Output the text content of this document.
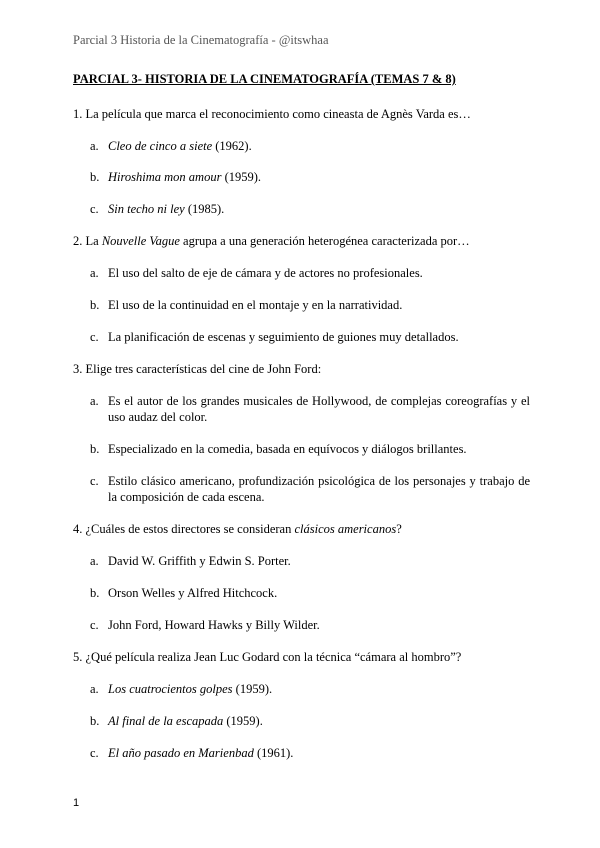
Parcial 3 Historia de la Cinematografía - @itswhaa
PARCIAL 3- HISTORIA DE LA CINEMATOGRAFÍA (TEMAS 7 & 8)
1. La película que marca el reconocimiento como cineasta de Agnès Varda es…
a. Cleo de cinco a siete (1962).
b. Hiroshima mon amour (1959).
c. Sin techo ni ley (1985).
2. La Nouvelle Vague agrupa a una generación heterogénea caracterizada por…
a. El uso del salto de eje de cámara y de actores no profesionales.
b. El uso de la continuidad en el montaje y en la narratividad.
c. La planificación de escenas y seguimiento de guiones muy detallados.
3. Elige tres características del cine de John Ford:
a. Es el autor de los grandes musicales de Hollywood, de complejas coreografías y el uso audaz del color.
b. Especializado en la comedia, basada en equívocos y diálogos brillantes.
c. Estilo clásico americano, profundización psicológica de los personajes y trabajo de la composición de cada escena.
4. ¿Cuáles de estos directores se consideran clásicos americanos?
a. David W. Griffith y Edwin S. Porter.
b. Orson Welles y Alfred Hitchcock.
c. John Ford, Howard Hawks y Billy Wilder.
5. ¿Qué película realiza Jean Luc Godard con la técnica “cámara al hombro”?
a. Los cuatrocientos golpes (1959).
b. Al final de la escapada (1959).
c. El año pasado en Marienbad (1961).
1
